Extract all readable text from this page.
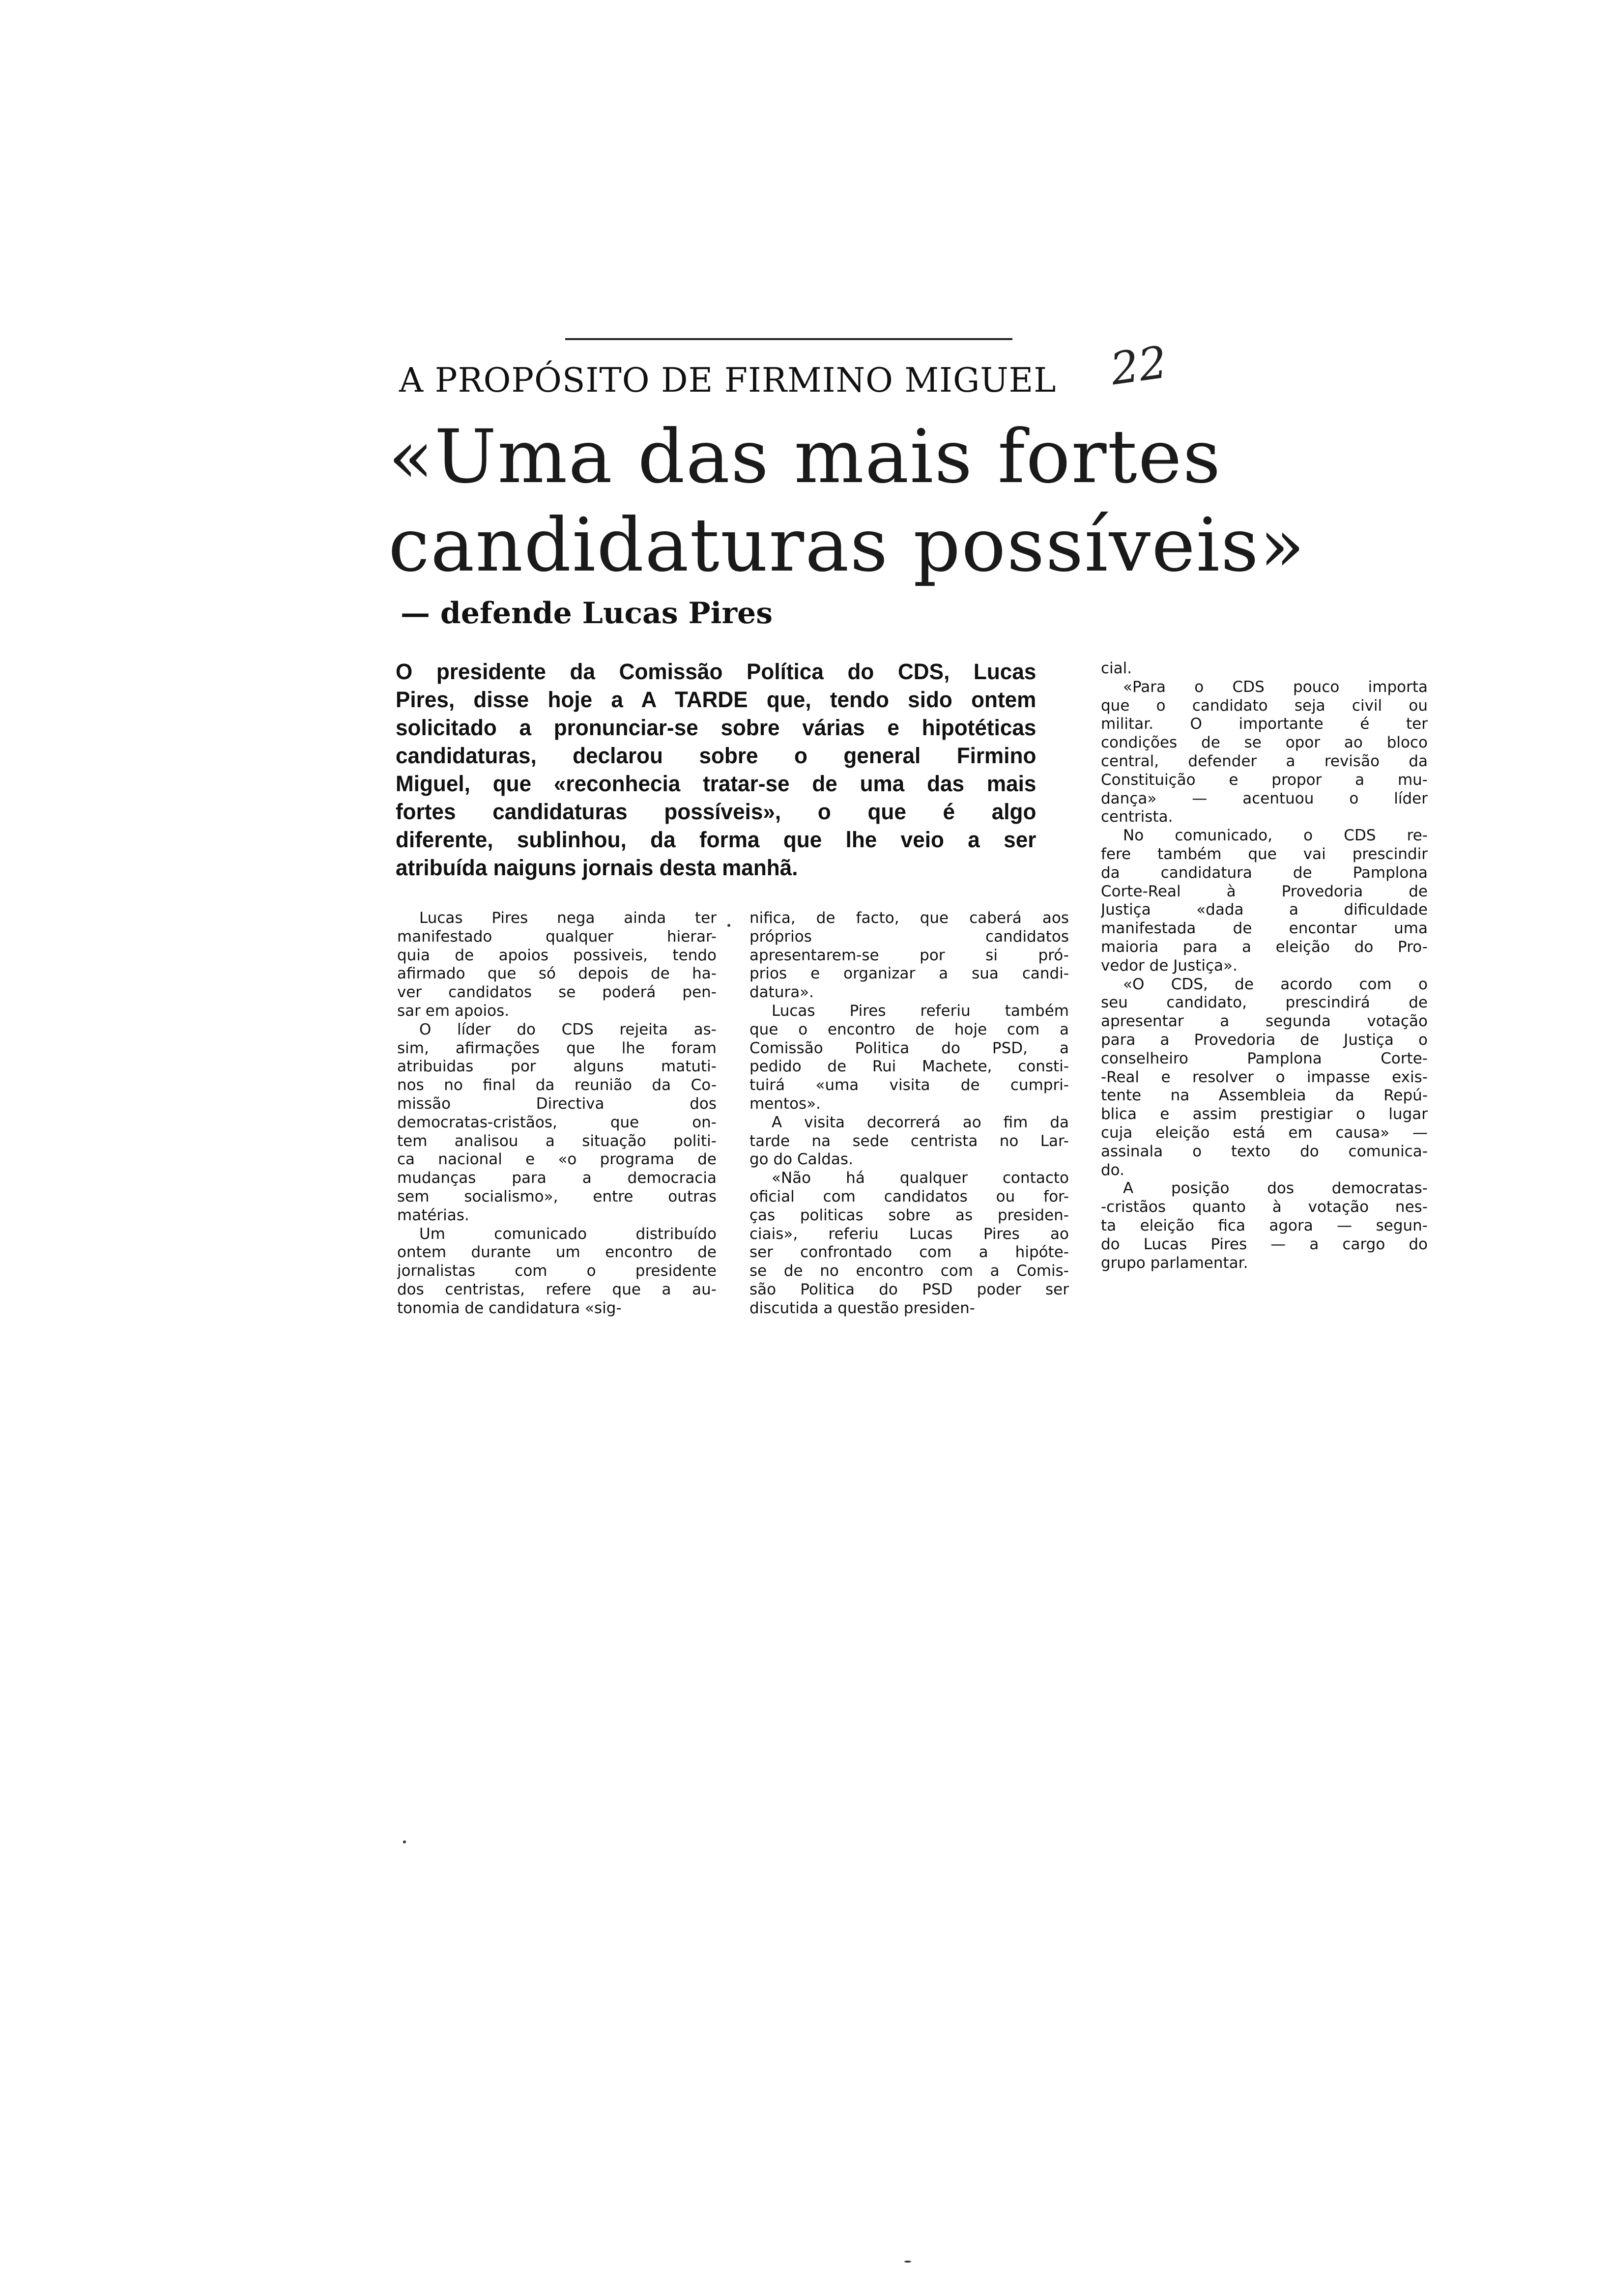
A PROPÓSITO DE FIRMINO MIGUEL
«Uma das mais fortes
candidaturas possíveis»
22
— defende Lucas Pires
O presidente da Comissão Política do CDS, Lucas
Pires, disse hoje a A TARDE que, tendo sido ontem
solicitado a pronunciar-se sobre várias e hipotéticas
candidaturas, declarou sobre o general Firmino
Miguel, que «reconhecia tratar-se de uma das mais
fortes candidaturas possíveis», o que é algo
diferente, sublinhou, da forma que lhe veio a ser
atribuída naiguns jornais desta manhã.
Lucas Pires nega ainda ter
manifestado qualquer hierar-
quia de apoios possiveis, tendo
afirmado que só depois de ha-
ver candidatos se poderá pen-
sar em apoios.
O líder do CDS rejeita as-
sim, afirmações que lhe foram
atribuidas por alguns matuti-
nos no final da reunião da Co-
missão Directiva dos
democratas-cristãos, que on-
tem analisou a situação politi-
ca nacional e «o programa de
mudanças para a democracia
sem socialismo», entre outras
matérias.
Um comunicado distribuído
ontem durante um encontro de
jornalistas com o presidente
dos centristas, refere que a au-
tonomia de candidatura «sig-
nifica, de facto, que caberá aos
próprios candidatos
apresentarem-se por si pró-
prios e organizar a sua candi-
datura».
Lucas Pires referiu também
que o encontro de hoje com a
Comissão Politica do PSD, a
pedido de Rui Machete, consti-
tuirá «uma visita de cumpri-
mentos».
A visita decorrerá ao fim da
tarde na sede centrista no Lar-
go do Caldas.
«Não há qualquer contacto
oficial com candidatos ou for-
ças politicas sobre as presiden-
ciais», referiu Lucas Pires ao
ser confrontado com a hipóte-
se de no encontro com a Comis-
são Politica do PSD poder ser
discutida a questão presiden-
cial.
«Para o CDS pouco importa
que o candidato seja civil ou
militar. O importante é ter
condições de se opor ao bloco
central, defender a revisão da
Constituição e propor a mu-
dança» — acentuou o líder
centrista.
No comunicado, o CDS re-
fere também que vai prescindir
da candidatura de Pamplona
Corte-Real à Provedoria de
Justiça «dada a dificuldade
manifestada de encontar uma
maioria para a eleição do Pro-
vedor de Justiça».
«O CDS, de acordo com o
seu candidato, prescindirá de
apresentar a segunda votação
para a Provedoria de Justiça o
conselheiro Pamplona Corte-
-Real e resolver o impasse exis-
tente na Assembleia da Repú-
blica e assim prestigiar o lugar
cuja eleição está em causa» —
assinala o texto do comunica-
do.
A posição dos democratas-
-cristãos quanto à votação nes-
ta eleição fica agora — segun-
do Lucas Pires — a cargo do
grupo parlamentar.
